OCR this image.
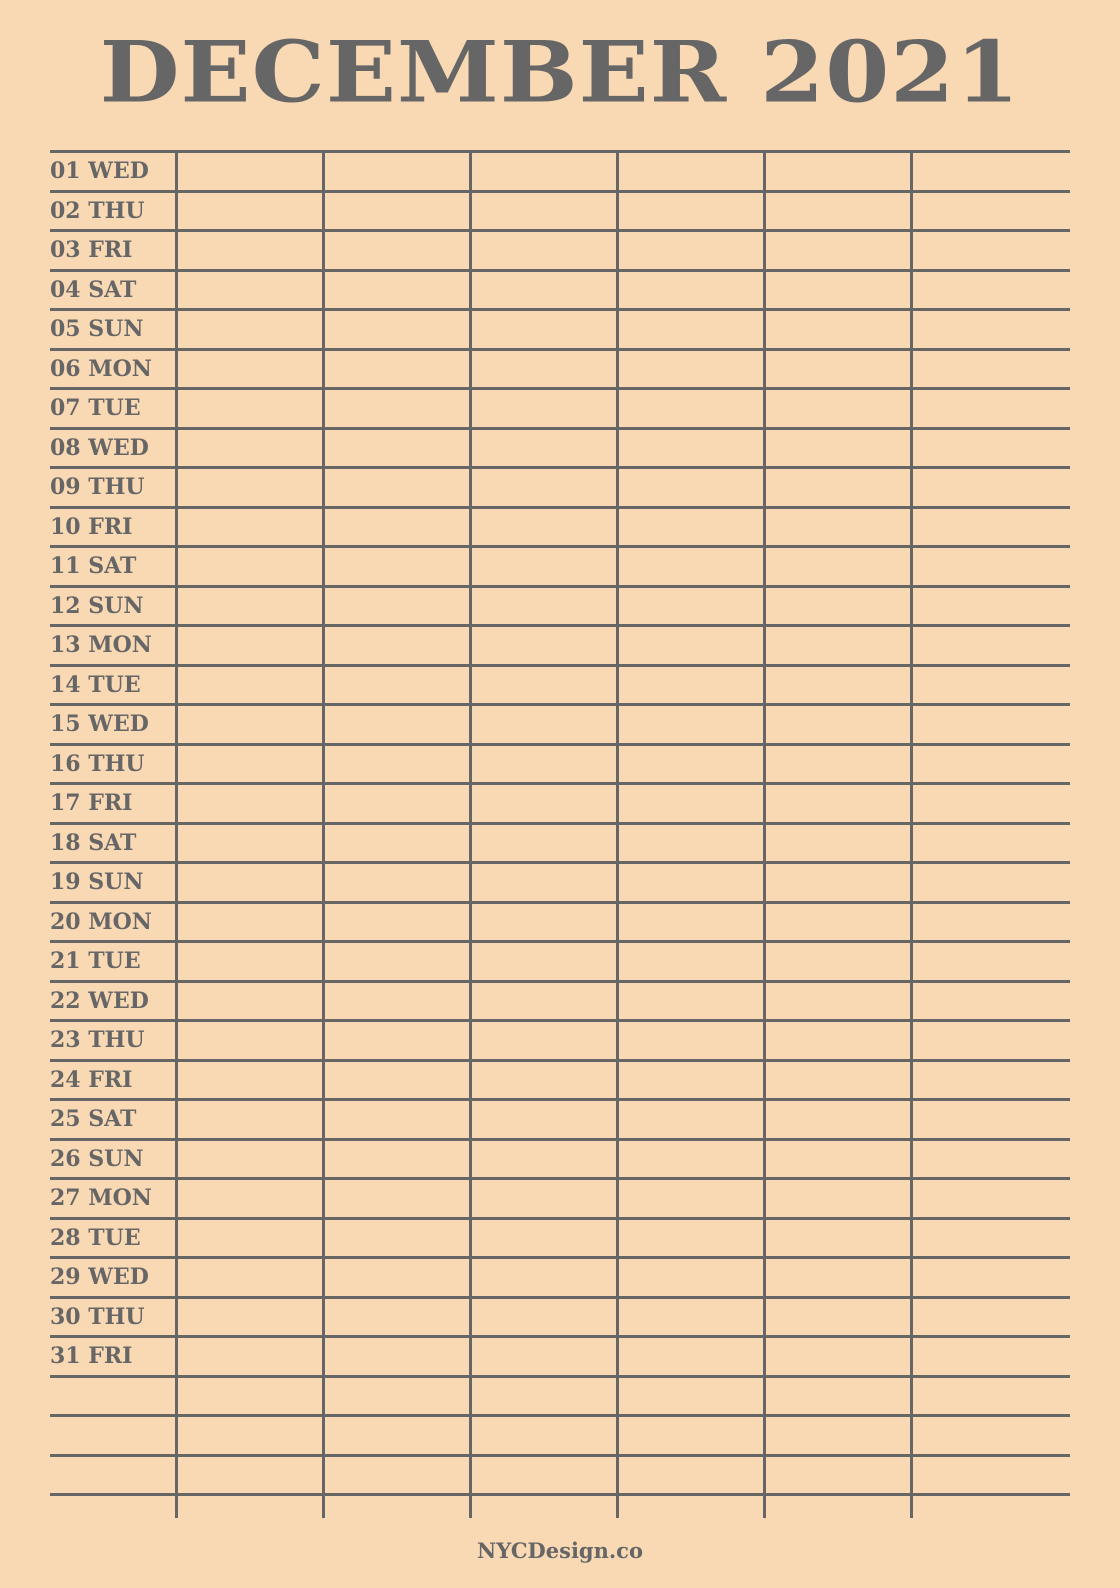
DECEMBER 2021
01 WED
02 THU
03 FRI
04 SAT
05 SUN
06 MON
07 TUE
08 WED
09 THU
10 FRI
11 SAT
12 SUN
13 MON
14 TUE
15 WED
16 THU
17 FRI
18 SAT
19 SUN
20 MON
21 TUE
22 WED
23 THU
24 FRI
25 SAT
26 SUN
27 MON
28 TUE
29 WED
30 THU
31 FRI
NYCDesign.co
